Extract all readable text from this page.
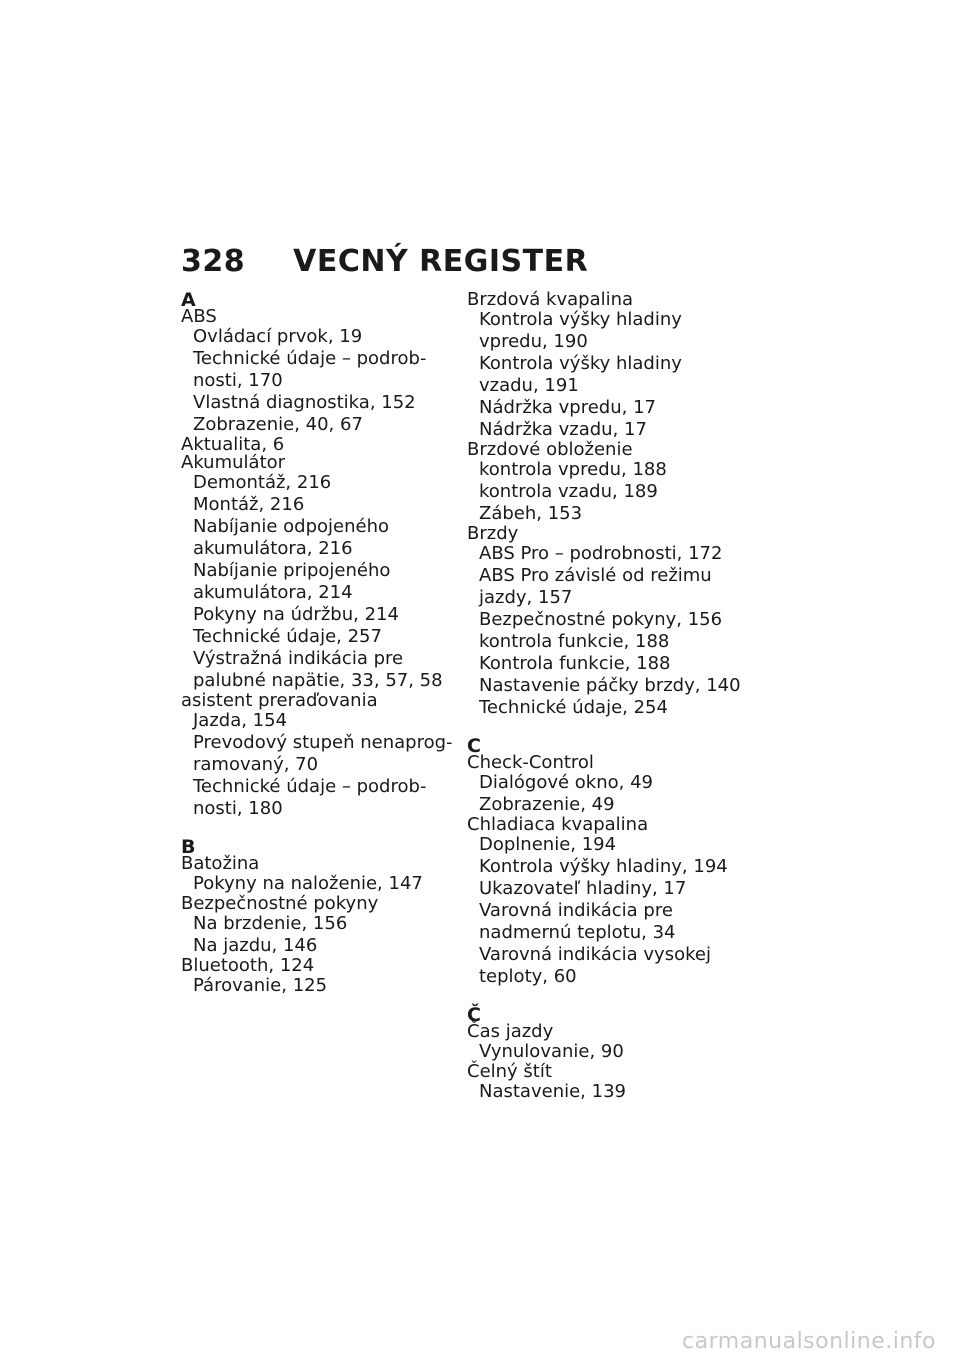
328 VECNÝ REGISTER
A
ABS
Ovládací prvok, 19
Technické údaje – podrob-
nosti, 170
Vlastná diagnostika, 152
Zobrazenie, 40, 67
Aktualita, 6
Akumulátor
Demontáž, 216
Montáž, 216
Nabíjanie odpojeného
akumulátora, 216
Nabíjanie pripojeného
akumulátora, 214
Pokyny na údržbu, 214
Technické údaje, 257
Výstražná indikácia pre
palubné napätie, 33, 57, 58
asistent preraďovania
Jazda, 154
Prevodový stupeň nenaprog-
ramovaný, 70
Technické údaje – podrob-
nosti, 180
B
Batožina
Pokyny na naloženie, 147
Bezpečnostné pokyny
Na brzdenie, 156
Na jazdu, 146
Bluetooth, 124
Párovanie, 125
Brzdová kvapalina
Kontrola výšky hladiny
vpredu, 190
Kontrola výšky hladiny
vzadu, 191
Nádržka vpredu, 17
Nádržka vzadu, 17
Brzdové obloženie
kontrola vpredu, 188
kontrola vzadu, 189
Zábeh, 153
Brzdy
ABS Pro – podrobnosti, 172
ABS Pro závislé od režimu
jazdy, 157
Bezpečnostné pokyny, 156
kontrola funkcie, 188
Kontrola funkcie, 188
Nastavenie páčky brzdy, 140
Technické údaje, 254
C
Check-Control
Dialógové okno, 49
Zobrazenie, 49
Chladiaca kvapalina
Doplnenie, 194
Kontrola výšky hladiny, 194
Ukazovateľ hladiny, 17
Varovná indikácia pre
nadmernú teplotu, 34
Varovná indikácia vysokej
teploty, 60
Č
Čas jazdy
Vynulovanie, 90
Čelný štít
Nastavenie, 139
carmanualsonline.info
